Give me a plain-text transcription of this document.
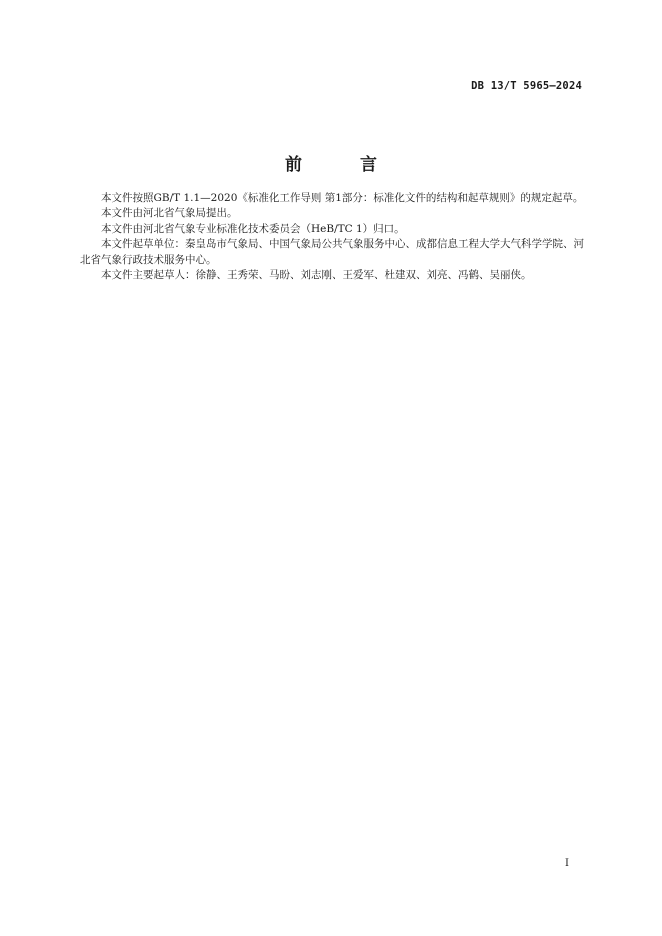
DB 13/T 5965—2024
前 言

本文件按照GB/T 1.1—2020《标准化工作导则 第1部分：标准化文件的结构和起草规则》的规定起草。

本文件由河北省气象局提出。

本文件由河北省气象专业标准化技术委员会（HeB/TC 1）归口。

本文件起草单位：秦皇岛市气象局、中国气象局公共气象服务中心、成都信息工程大学大气科学学院、河北省气象行政技术服务中心。

本文件主要起草人：徐静、王秀荣、马盼、刘志刚、王爱军、杜建双、刘亮、冯鹤、吴丽侠。

I
